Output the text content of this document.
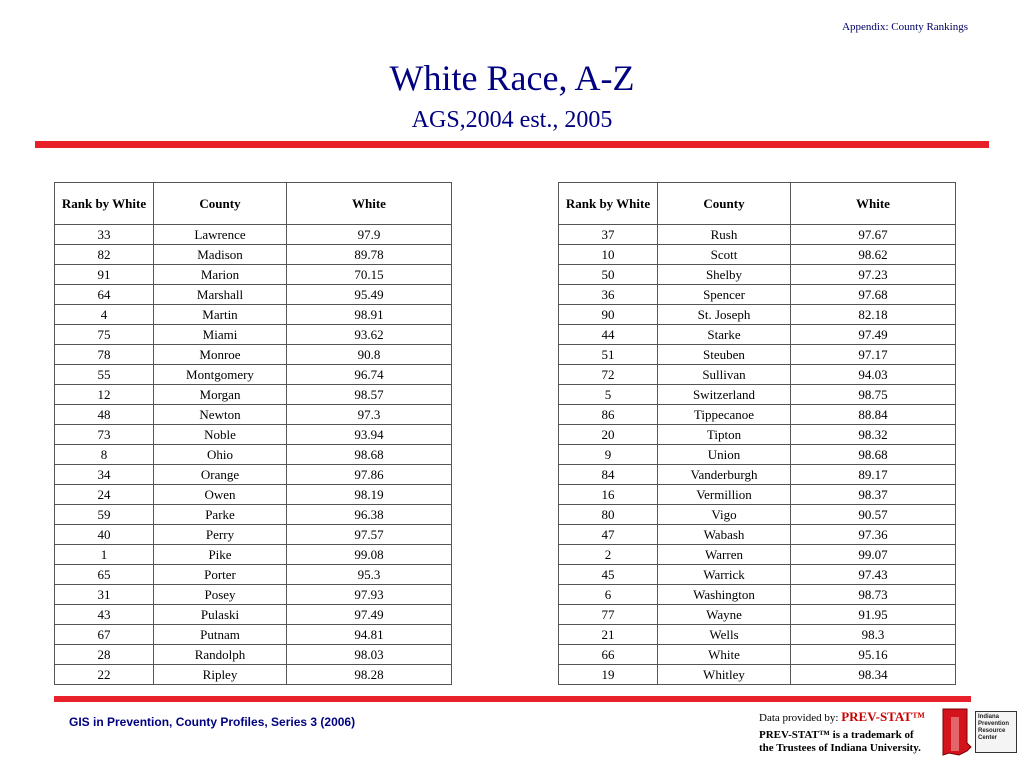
Appendix: County Rankings
White Race, A-Z
AGS,2004 est., 2005
Rank by White	County	White
33	Lawrence	97.9
82	Madison	89.78
91	Marion	70.15
64	Marshall	95.49
4	Martin	98.91
75	Miami	93.62
78	Monroe	90.8
55	Montgomery	96.74
12	Morgan	98.57
48	Newton	97.3
73	Noble	93.94
8	Ohio	98.68
34	Orange	97.86
24	Owen	98.19
59	Parke	96.38
40	Perry	97.57
1	Pike	99.08
65	Porter	95.3
31	Posey	97.93
43	Pulaski	97.49
67	Putnam	94.81
28	Randolph	98.03
22	Ripley	98.28
Rank by White	County	White
37	Rush	97.67
10	Scott	98.62
50	Shelby	97.23
36	Spencer	97.68
90	St. Joseph	82.18
44	Starke	97.49
51	Steuben	97.17
72	Sullivan	94.03
5	Switzerland	98.75
86	Tippecanoe	88.84
20	Tipton	98.32
9	Union	98.68
84	Vanderburgh	89.17
16	Vermillion	98.37
80	Vigo	90.57
47	Wabash	97.36
2	Warren	99.07
45	Warrick	97.43
6	Washington	98.73
77	Wayne	91.95
21	Wells	98.3
66	White	95.16
19	Whitley	98.34
GIS in Prevention, County Profiles, Series 3 (2006)	Data provided by: PREV-STAT™
PREV-STAT™ is a trademark of
the Trustees of Indiana University.
Indiana Prevention Resource Center
